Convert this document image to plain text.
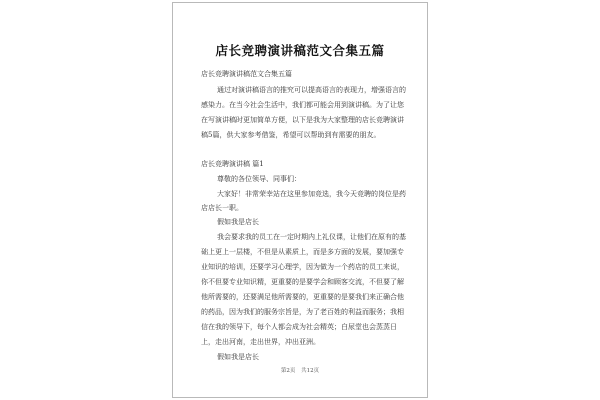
店长竞聘演讲稿范文合集五篇
店长竞聘演讲稿范文合集五篇
通过对演讲稿语言的推究可以提高语言的表现力，增强语言的
感染力。在当今社会生活中，我们都可能会用到演讲稿。为了让您
在写演讲稿时更加简单方便，以下是我为大家整理的店长竞聘演讲
稿5篇，供大家参考借鉴，希望可以帮助到有需要的朋友。
店长竞聘演讲稿 篇1
尊敬的各位领导、同事们：
大家好！非常荣幸站在这里参加竞选，我今天竞聘的岗位是药
店店长一职。
假如我是店长
我会要求我的员工在一定时期内上礼仪课，让他们在原有的基
础上更上一层楼，不但是从素质上，而是多方面的发展，要加强专
业知识的培训，还要学习心理学，因为做为一个药店的员工来说，
你不但要专业知识精，更重要的是要学会和顾客交流，不但要了解
他所需要的，还要满足他所需要的，更重要的是要我们来正确合他
的药品，因为我们的服务宗旨是，为了老百姓的利益而服务；我相
信在我的领导下，每个人都会成为社会精英；白尿堂也会蒸蒸日
上，走出河南，走出世界，冲出亚洲。
假如我是店长
第2页 共12页
